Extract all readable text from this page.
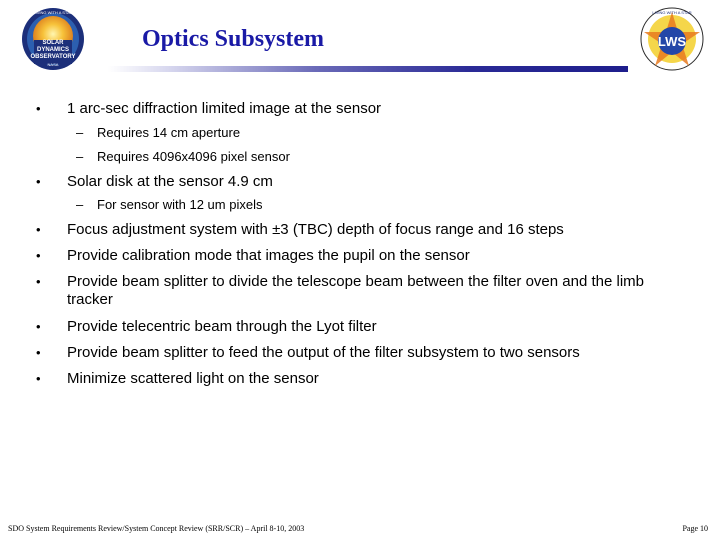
SOLAR
DYNAMICS
OBSERVATORY
LIVING WITH A STAR
NASA
Optics Subsystem	LWS
LIVING WITH A STAR
• 1 arc-sec diffraction limited image at the sensor
– Requires 14 cm aperture
– Requires 4096x4096 pixel sensor
• Solar disk at the sensor 4.9 cm
– For sensor with 12 um pixels
• Focus adjustment system with ±3 (TBC) depth of focus range and 16 steps
• Provide calibration mode that images the pupil on the sensor
• Provide beam splitter to divide the telescope beam between the filter oven and the limb tracker
• Provide telecentric beam through the Lyot filter
• Provide beam splitter to feed the output of the filter subsystem to two sensors
• Minimize scattered light on the sensor
SDO System Requirements Review/System Concept Review (SRR/SCR) – April 8-10, 2003	Page 10
